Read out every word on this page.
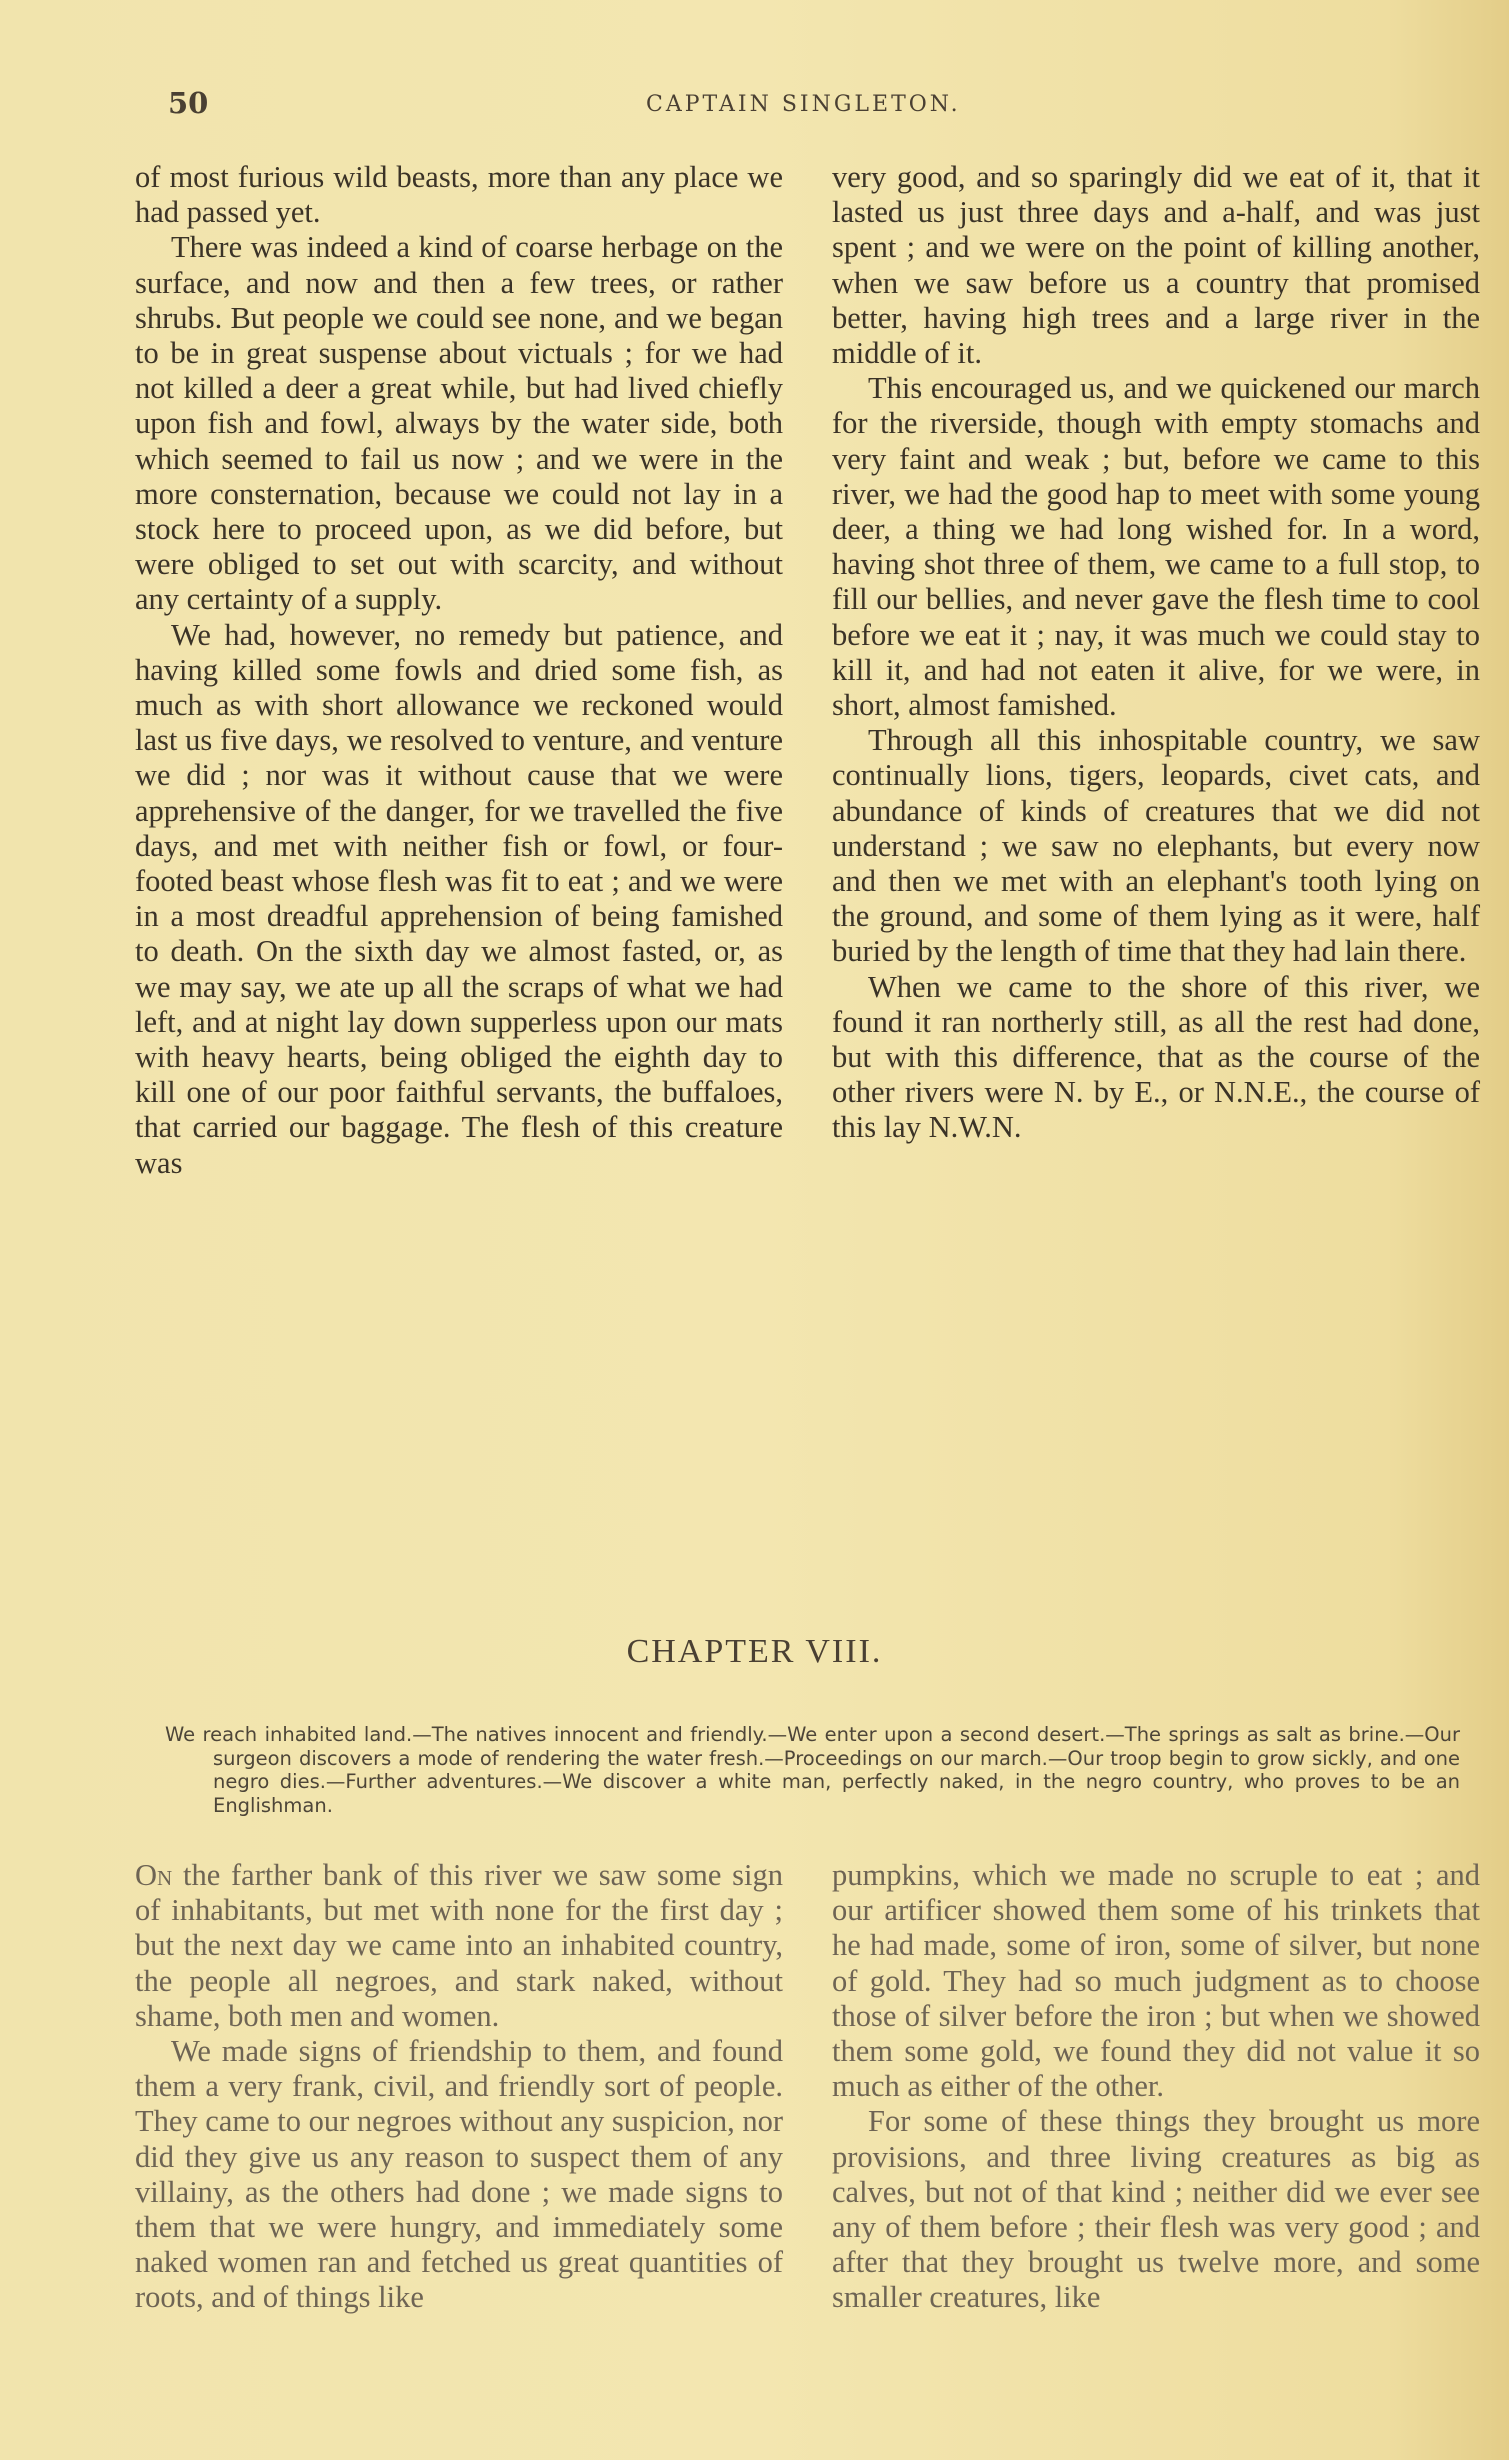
50	CAPTAIN SINGLETON.

of most furious wild beasts, more than any place we had passed yet.

There was indeed a kind of coarse herbage on the surface, and now and then a few trees, or rather shrubs. But people we could see none, and we began to be in great suspense about victuals ; for we had not killed a deer a great while, but had lived chiefly upon fish and fowl, always by the water side, both which seemed to fail us now ; and we were in the more consternation, because we could not lay in a stock here to proceed upon, as we did before, but were obliged to set out with scarcity, and without any certainty of a supply.

We had, however, no remedy but patience, and having killed some fowls and dried some fish, as much as with short allowance we reckoned would last us five days, we resolved to venture, and venture we did ; nor was it without cause that we were apprehensive of the danger, for we travelled the five days, and met with neither fish or fowl, or four-footed beast whose flesh was fit to eat ; and we were in a most dreadful apprehension of being famished to death. On the sixth day we almost fasted, or, as we may say, we ate up all the scraps of what we had left, and at night lay down supperless upon our mats with heavy hearts, being obliged the eighth day to kill one of our poor faithful servants, the buffaloes, that carried our baggage. The flesh of this creature was

very good, and so sparingly did we eat of it, that it lasted us just three days and a-half, and was just spent ; and we were on the point of killing another, when we saw before us a country that promised better, having high trees and a large river in the middle of it.

This encouraged us, and we quickened our march for the riverside, though with empty stomachs and very faint and weak ; but, before we came to this river, we had the good hap to meet with some young deer, a thing we had long wished for. In a word, having shot three of them, we came to a full stop, to fill our bellies, and never gave the flesh time to cool before we eat it ; nay, it was much we could stay to kill it, and had not eaten it alive, for we were, in short, almost famished.

Through all this inhospitable country, we saw continually lions, tigers, leopards, civet cats, and abundance of kinds of creatures that we did not understand ; we saw no elephants, but every now and then we met with an elephant's tooth lying on the ground, and some of them lying as it were, half buried by the length of time that they had lain there.

When we came to the shore of this river, we found it ran northerly still, as all the rest had done, but with this difference, that as the course of the other rivers were N. by E., or N.N.E., the course of this lay N.W.N.

CHAPTER VIII.
We reach inhabited land.—The natives innocent and friendly.—We enter upon a second desert.—The springs as salt as brine.—Our surgeon discovers a mode of rendering the water fresh.—Proceedings on our march.—Our troop begin to grow sickly, and one negro dies.—Further adventures.—We discover a white man, perfectly naked, in the negro country, who proves to be an Englishman.

On the farther bank of this river we saw some sign of inhabitants, but met with none for the first day ; but the next day we came into an inhabited country, the people all negroes, and stark naked, without shame, both men and women.

We made signs of friendship to them, and found them a very frank, civil, and friendly sort of people. They came to our negroes without any suspicion, nor did they give us any reason to suspect them of any villainy, as the others had done ; we made signs to them that we were hungry, and immediately some naked women ran and fetched us great quantities of roots, and of things like

pumpkins, which we made no scruple to eat ; and our artificer showed them some of his trinkets that he had made, some of iron, some of silver, but none of gold. They had so much judgment as to choose those of silver before the iron ; but when we showed them some gold, we found they did not value it so much as either of the other.

For some of these things they brought us more provisions, and three living creatures as big as calves, but not of that kind ; neither did we ever see any of them before ; their flesh was very good ; and after that they brought us twelve more, and some smaller creatures, like
